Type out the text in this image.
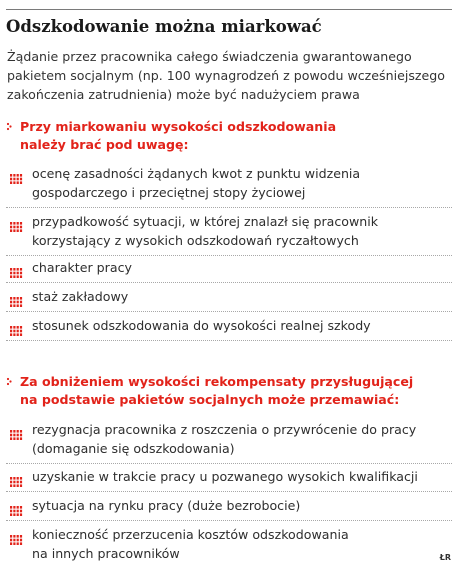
Odszkodowanie można miarkować
Żądanie przez pracownika całego świadczenia gwarantowanego
pakietem socjalnym (np. 100 wynagrodzeń z powodu wcześniejszego
zakończenia zatrudnienia) może być nadużyciem prawa
Przy miarkowaniu wysokości odszkodowania
należy brać pod uwagę:
ocenę zasadności żądanych kwot z punktu widzenia
gospodarczego i przeciętnej stopy życiowej
przypadkowość sytuacji, w której znalazł się pracownik
korzystający z wysokich odszkodowań ryczałtowych
charakter pracy
staż zakładowy
stosunek odszkodowania do wysokości realnej szkody
Za obniżeniem wysokości rekompensaty przysługującej
na podstawie pakietów socjalnych może przemawiać:
rezygnacja pracownika z roszczenia o przywrócenie do pracy
(domaganie się odszkodowania)
uzyskanie w trakcie pracy u pozwanego wysokich kwalifikacji
sytuacja na rynku pracy (duże bezrobocie)
konieczność przerzucenia kosztów odszkodowania
na innych pracowników	ŁR
